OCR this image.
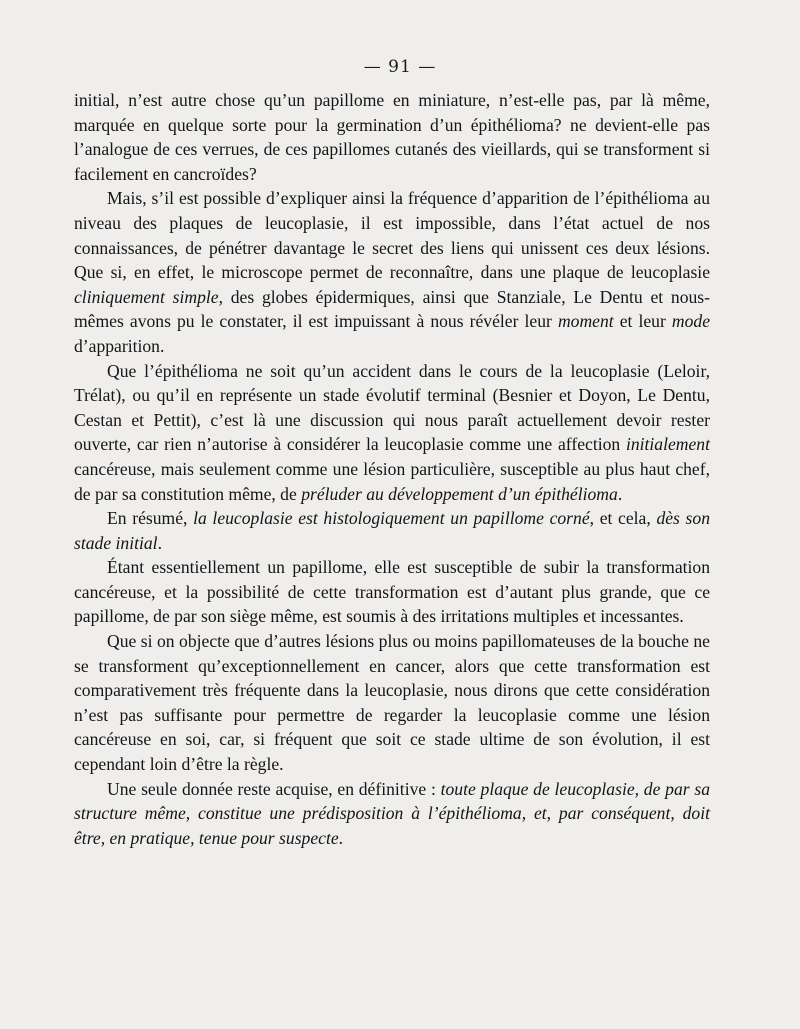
— 91 —

initial, n’est autre chose qu’un papillome en miniature, n’est-elle pas, par là même, marquée en quelque sorte pour la germination d’un épithélioma? ne devient-elle pas l’analogue de ces verrues, de ces papillomes cutanés des vieillards, qui se transforment si facilement en cancroïdes?

Mais, s’il est possible d’expliquer ainsi la fréquence d’apparition de l’épithélioma au niveau des plaques de leucoplasie, il est impossible, dans l’état actuel de nos connaissances, de pénétrer davantage le secret des liens qui unissent ces deux lésions. Que si, en effet, le microscope permet de reconnaître, dans une plaque de leucoplasie cliniquement simple, des globes épidermiques, ainsi que Stanziale, Le Dentu et nous-mêmes avons pu le constater, il est impuissant à nous révéler leur moment et leur mode d’apparition.

Que l’épithélioma ne soit qu’un accident dans le cours de la leucoplasie (Leloir, Trélat), ou qu’il en représente un stade évolutif terminal (Besnier et Doyon, Le Dentu, Cestan et Pettit), c’est là une discussion qui nous paraît actuellement devoir rester ouverte, car rien n’autorise à considérer la leucoplasie comme une affection initialement cancéreuse, mais seulement comme une lésion particulière, susceptible au plus haut chef, de par sa constitution même, de préluder au développement d’un épithélioma.

En résumé, la leucoplasie est histologiquement un papillome corné, et cela, dès son stade initial.

Étant essentiellement un papillome, elle est susceptible de subir la transformation cancéreuse, et la possibilité de cette transformation est d’autant plus grande, que ce papillome, de par son siège même, est soumis à des irritations multiples et incessantes.

Que si on objecte que d’autres lésions plus ou moins papillomateuses de la bouche ne se transforment qu’exceptionnellement en cancer, alors que cette transformation est comparativement très fréquente dans la leucoplasie, nous dirons que cette considération n’est pas suffisante pour permettre de regarder la leucoplasie comme une lésion cancéreuse en soi, car, si fréquent que soit ce stade ultime de son évolution, il est cependant loin d’être la règle.

Une seule donnée reste acquise, en définitive : toute plaque de leucoplasie, de par sa structure même, constitue une prédisposition à l’épithélioma, et, par conséquent, doit être, en pratique, tenue pour suspecte.
